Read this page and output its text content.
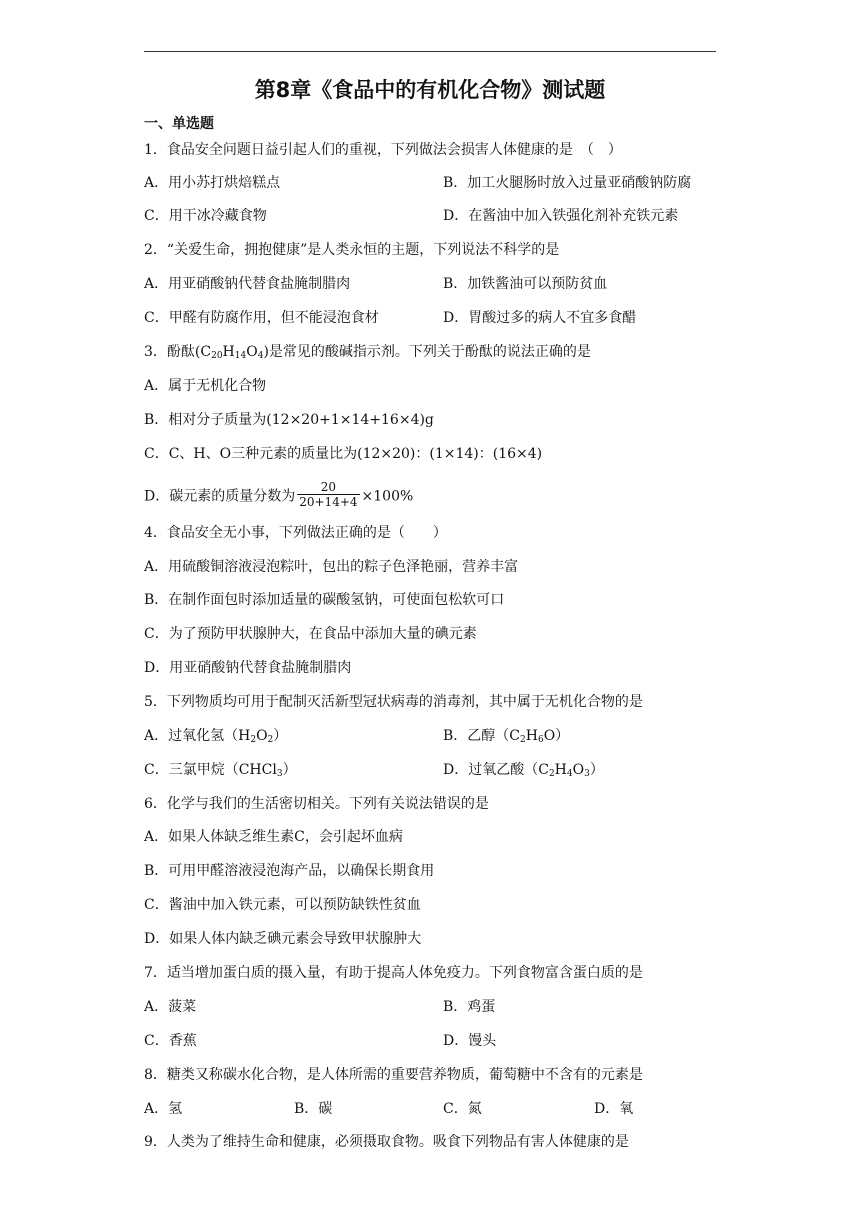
第8章《食品中的有机化合物》测试题
一、单选题
1．食品安全问题日益引起人们的重视，下列做法会损害人体健康的是　（　）
A．用小苏打烘焙糕点	B．加工火腿肠时放入过量亚硝酸钠防腐
C．用干冰冷藏食物	D．在酱油中加入铁强化剂补充铁元素
2．“关爱生命，拥抱健康”是人类永恒的主题，下列说法不科学的是
A．用亚硝酸钠代替食盐腌制腊肉	B．加铁酱油可以预防贫血
C．甲醛有防腐作用，但不能浸泡食材	D．胃酸过多的病人不宜多食醋
3．酚酞$(C_{20}H_{14}O_4)$是常见的酸碱指示剂。下列关于酚酞的说法正确的是
A．属于无机化合物
B．相对分子质量为(12×20+1×14+16×4)g
C．C、H、O三种元素的质量比为(12×20)：(1×14)：(16×4)
D．碳元素的质量分数为 $\frac{20}{20+14+4} \times 100\%$
4．食品安全无小事，下列做法正确的是（　　）
A．用硫酸铜溶液浸泡粽叶，包出的粽子色泽艳丽，营养丰富
B．在制作面包时添加适量的碳酸氢钠，可使面包松软可口
C．为了预防甲状腺肿大，在食品中添加大量的碘元素
D．用亚硝酸钠代替食盐腌制腊肉
5．下列物质均可用于配制灭活新型冠状病毒的消毒剂，其中属于无机化合物的是
A．过氧化氢$(H_2O_2)$	B．乙醇$(C_2H_6O)$
C．三氯甲烷（CHCl$_3$）	D．过氧乙酸$(C_2H_4O_3)$
6．化学与我们的生活密切相关。下列有关说法错误的是
A．如果人体缺乏维生素C，会引起坏血病
B．可用甲醛溶液浸泡海产品，以确保长期食用
C．酱油中加入铁元素，可以预防缺铁性贫血
D．如果人体内缺乏碘元素会导致甲状腺肿大
7．适当增加蛋白质的摄入量，有助于提高人体免疫力。下列食物富含蛋白质的是
A．菠菜	B．鸡蛋
C．香蕉	D．馒头
8．糖类又称碳水化合物，是人体所需的重要营养物质，葡萄糖中不含有的元素是
A．氢	B．碳	C．氮	D．氧
9．人类为了维持生命和健康，必须摄取食物。吸食下列物品有害人体健康的是
